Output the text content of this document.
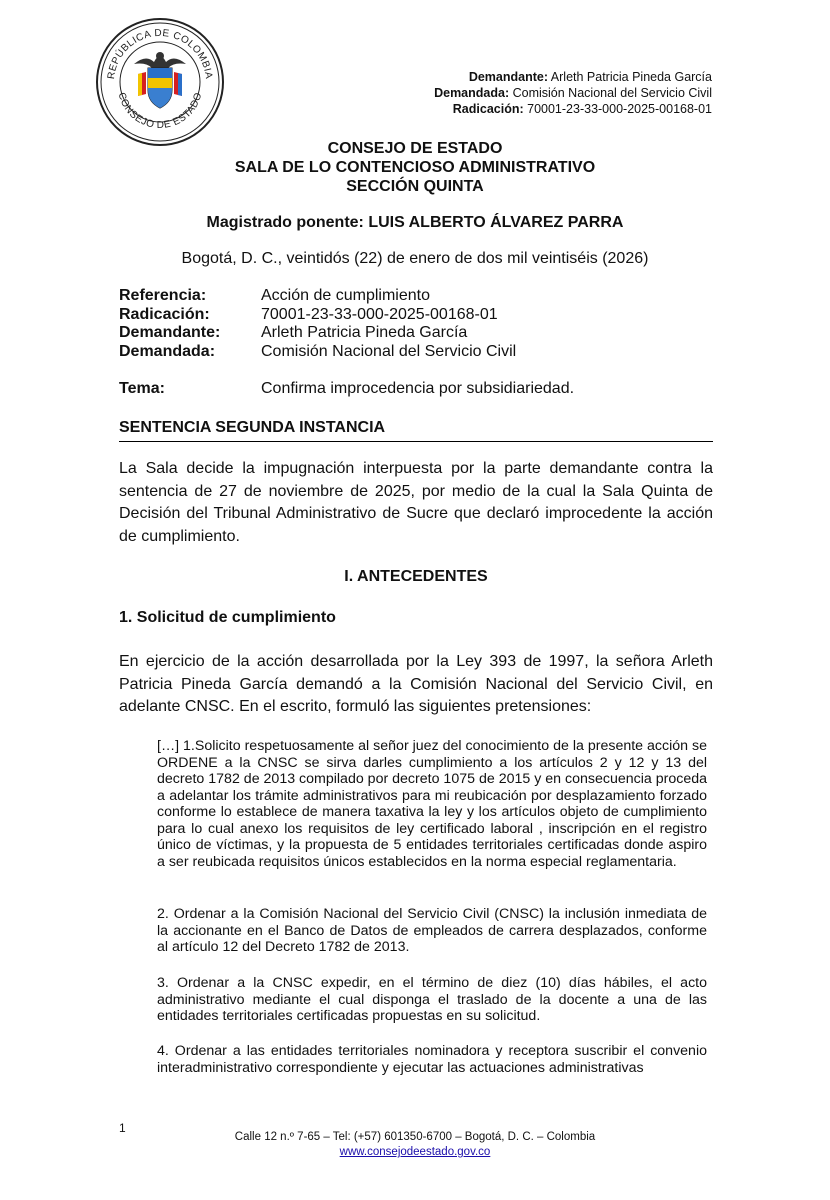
REPÚBLICA DE COLOMBIA
CONSEJO DE ESTADO
Demandante: Arleth Patricia Pineda García
Demandada: Comisión Nacional del Servicio Civil
Radicación: 70001-23-33-000-2025-00168-01
CONSEJO DE ESTADO
SALA DE LO CONTENCIOSO ADMINISTRATIVO
SECCIÓN QUINTA
Magistrado ponente: LUIS ALBERTO ÁLVAREZ PARRA
Bogotá, D. C., veintidós (22) de enero de dos mil veintiséis (2026)
Referencia:	Acción de cumplimiento
Radicación:	70001-23-33-000-2025-00168-01
Demandante:	Arleth Patricia Pineda García
Demandada:	Comisión Nacional del Servicio Civil
Tema:	Confirma improcedencia por subsidiariedad.
SENTENCIA SEGUNDA INSTANCIA
La Sala decide la impugnación interpuesta por la parte demandante contra la sentencia de 27 de noviembre de 2025, por medio de la cual la Sala Quinta de Decisión del Tribunal Administrativo de Sucre que declaró improcedente la acción de cumplimiento.
I. ANTECEDENTES
1. Solicitud de cumplimiento
En ejercicio de la acción desarrollada por la Ley 393 de 1997, la señora Arleth Patricia Pineda García demandó a la Comisión Nacional del Servicio Civil, en adelante CNSC. En el escrito, formuló las siguientes pretensiones:
[…] 1.Solicito respetuosamente al señor juez del conocimiento de la presente acción se ORDENE a la CNSC se sirva darles cumplimiento a los artículos 2 y 12 y 13 del decreto 1782 de 2013 compilado por decreto 1075 de 2015 y en consecuencia proceda a adelantar los trámite administrativos para mi reubicación por desplazamiento forzado conforme lo establece de manera taxativa la ley y los artículos objeto de cumplimiento para lo cual anexo los requisitos de ley certificado laboral , inscripción en el registro único de víctimas, y la propuesta de 5 entidades territoriales certificadas donde aspiro a ser reubicada requisitos únicos establecidos en la norma especial reglamentaria.
2. Ordenar a la Comisión Nacional del Servicio Civil (CNSC) la inclusión inmediata de la accionante en el Banco de Datos de empleados de carrera desplazados, conforme al artículo 12 del Decreto 1782 de 2013.
3. Ordenar a la CNSC expedir, en el término de diez (10) días hábiles, el acto administrativo mediante el cual disponga el traslado de la docente a una de las entidades territoriales certificadas propuestas en su solicitud.
4. Ordenar a las entidades territoriales nominadora y receptora suscribir el convenio interadministrativo correspondiente y ejecutar las actuaciones administrativas
1
Calle 12 n.º 7-65 – Tel: (+57) 601350-6700 – Bogotá, D. C. – Colombia
www.consejodeestado.gov.co
